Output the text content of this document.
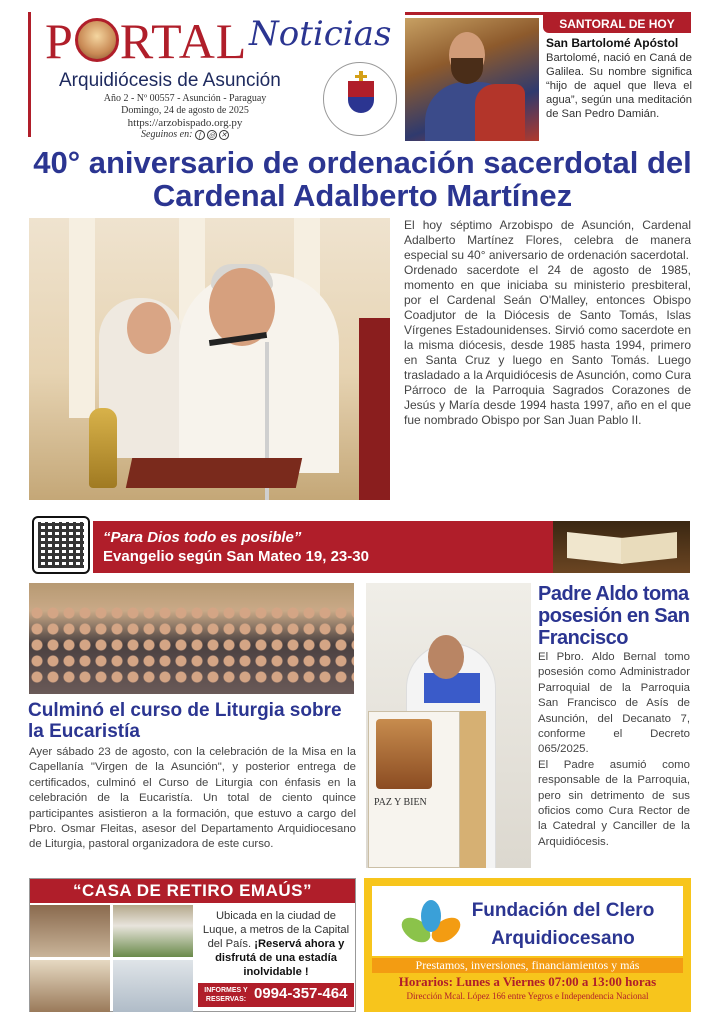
P RTAL Noticias
Arquidiócesis de Asunción
Año 2 - Nº 00557 - Asunción - Paraguay
Domingo, 24 de agosto de 2025
https://arzobispado.org.py
Seguinos en: f	◎ ✕
SANTORAL DE HOY
San Bartolomé Apóstol
Bartolomé, nació en Caná de Galilea. Su nombre significa “hijo de aquel que lleva el agua”, según una meditación de San Pedro Damián.
40° aniversario de ordenación sacerdotal del Cardenal Adalberto Martínez

El hoy séptimo Arzobispo de Asunción, Cardenal Adalberto Martínez Flores, celebra de manera especial su 40° aniversario de ordenación sacerdotal.

Ordenado sacerdote el 24 de agosto de 1985, momento en que iniciaba su ministerio presbiteral, por el Cardenal Seán O'Malley, entonces Obispo Coadjutor de la Diócesis de Santo Tomás, Islas Vírgenes Estadounidenses. Sirvió como sacerdote en la misma diócesis, desde 1985 hasta 1994, primero en Santa Cruz y luego en Santo Tomás. Luego trasladado a la Arquidiócesis de Asunción, como Cura Párroco de la Parroquia Sagrados Corazones de Jesús y María desde 1994 hasta 1997, año en el que fue nombrado Obispo por San Juan Pablo II.

“Para Dios todo es posible”
Evangelio según San Mateo 19, 23-30
Culminó el curso de Liturgia sobre la Eucaristía

Ayer sábado 23 de agosto, con la celebración de la Misa en la Capellanía "Virgen de la Asunción", y posterior entrega de certificados, culminó el Curso de Liturgia con énfasis en la celebración de la Eucaristía. Un total de ciento quince participantes asistieron a la formación, que estuvo a cargo del Pbro. Osmar Fleitas, asesor del Departamento Arquidiocesano de Liturgia, pastoral organizadora de este curso.

PAZ Y BIEN
Padre Aldo toma posesión en San Francisco

El Pbro. Aldo Bernal tomo posesión como Administrador Parroquial de la Parroquia San Francisco de Asís de Asunción, del Decanato 7, conforme el Decreto 065/2025.

El Padre asumió como responsable de la Parroquia, pero sin detrimento de sus oficios como Cura Rector de la Catedral y Canciller de la Arquidiócesis.

“CASA DE RETIRO EMAÚS”
Ubicada en la ciudad de Luque, a metros de la Capital del País. ¡Reservá ahora y disfrutá de una estadía inolvidable !
INFORMES Y RESERVAS: 0994-357-464
Fundación del Clero
Arquidiocesano
Prestamos, inversiones, financiamientos y más
Horarios: Lunes a Viernes 07:00 a 13:00 horas
Dirección Mcal. López 166 entre Yegros e Independencia Nacional
